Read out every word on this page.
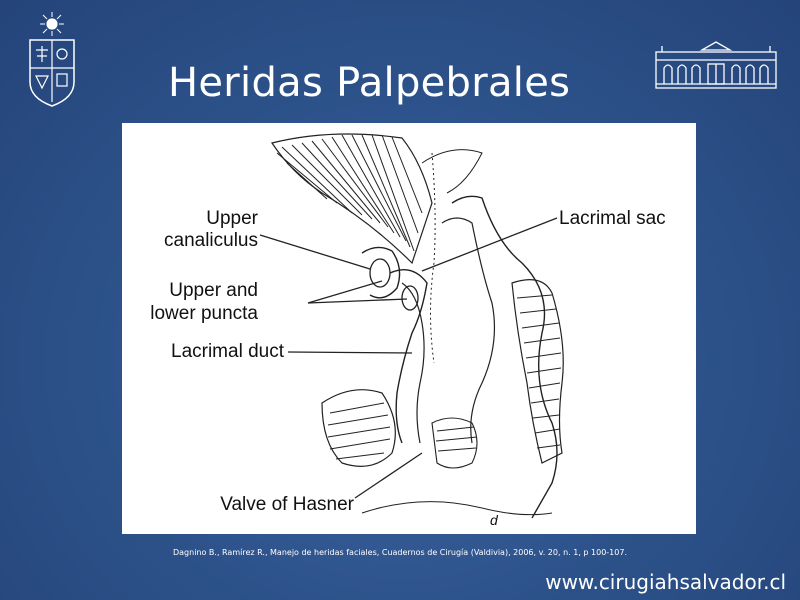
Heridas Palpebrales
Upper
canaliculus
Upper and
lower puncta
Lacrimal duct
Valve of Hasner
Lacrimal sac
d
Dagnino B., Ramírez R., Manejo de heridas faciales, Cuadernos de Cirugía (Valdivia), 2006, v. 20, n. 1, p 100-107.
www.cirugiahsalvador.cl
